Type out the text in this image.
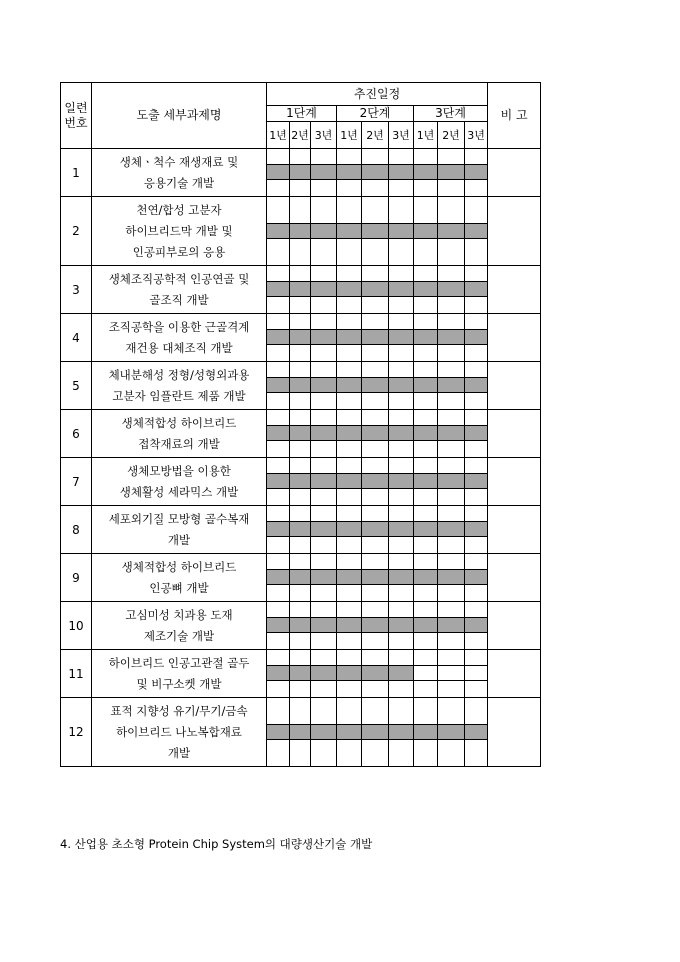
일련
번호	도출 세부과제명	추진일정									비 고
		1단계			2단계			3단계			
		1년	2년	3년	1년	2년	3년	1년	2년	3년	
1	생체ㆍ척수 재생재료 및
응용기술 개발										

2	천연/합성 고분자
하이브리드막 개발 및
인공피부로의 응용										

3	생체조직공학적 인공연골 및
골조직 개발										

4	조직공학을 이용한 근골격계
재건용 대체조직 개발										

5	체내분해성 정형/성형외과용
고분자 임플란트 제품 개발										

6	생체적합성 하이브리드
접착재료의 개발										

7	생체모방법을 이용한
생체활성 세라믹스 개발										

8	세포외기질 모방형 골수복재
개발										

9	생체적합성 하이브리드
인공뼈 개발										

10	고심미성 치과용 도재
제조기술 개발										

11	하이브리드 인공고관절 골두
및 비구소켓 개발										

12	표적 지향성 유기/무기/금속
하이브리드 나노복합재료
개발										

4. 산업용 초소형 Protein Chip System의 대량생산기술 개발
